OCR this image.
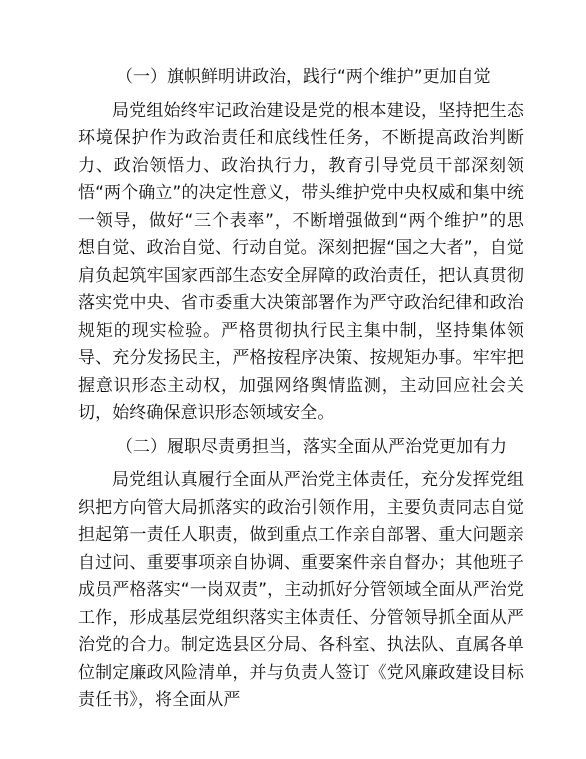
（一）旗帜鲜明讲政治，践行“两个维护”更加自觉

局党组始终牢记政治建设是党的根本建设，坚持把生态环境保护作为政治责任和底线性任务，不断提高政治判断力、政治领悟力、政治执行力，教育引导党员干部深刻领悟“两个确立”的决定性意义，带头维护党中央权威和集中统一领导，做好“三个表率”，不断增强做到“两个维护”的思想自觉、政治自觉、行动自觉。深刻把握“国之大者”，自觉肩负起筑牢国家西部生态安全屏障的政治责任，把认真贯彻落实党中央、省市委重大决策部署作为严守政治纪律和政治规矩的现实检验。严格贯彻执行民主集中制，坚持集体领导、充分发扬民主，严格按程序决策、按规矩办事。牢牢把握意识形态主动权，加强网络舆情监测，主动回应社会关切，始终确保意识形态领域安全。

（二）履职尽责勇担当，落实全面从严治党更加有力

局党组认真履行全面从严治党主体责任，充分发挥党组织把方向管大局抓落实的政治引领作用，主要负责同志自觉担起第一责任人职责，做到重点工作亲自部署、重大问题亲自过问、重要事项亲自协调、重要案件亲自督办；其他班子成员严格落实“一岗双责”，主动抓好分管领域全面从严治党工作，形成基层党组织落实主体责任、分管领导抓全面从严治党的合力。制定选县区分局、各科室、执法队、直属各单位制定廉政风险清单，并与负责人签订《党风廉政建设目标责任书》，将全面从严
